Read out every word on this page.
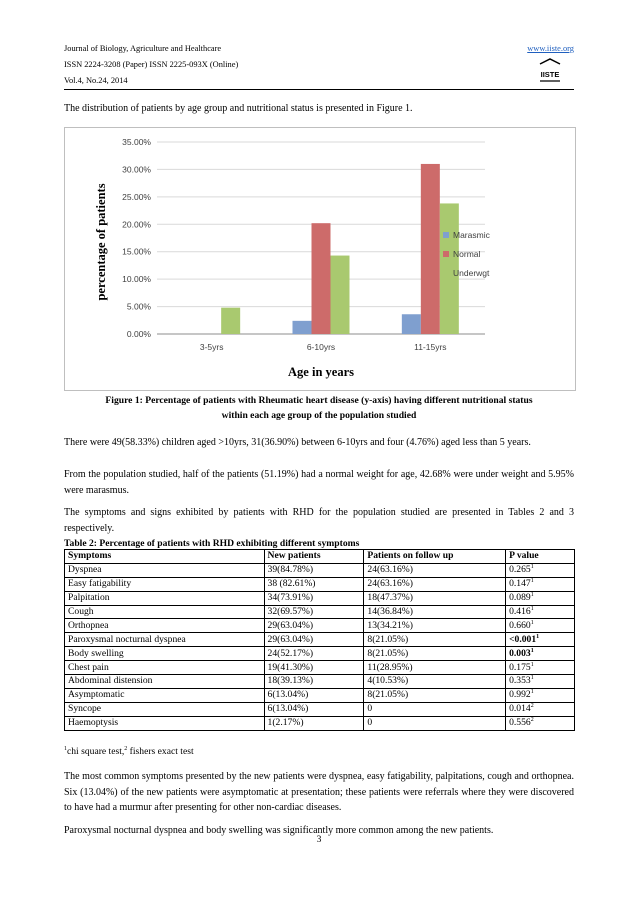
Journal of Biology, Agriculture and Healthcare
ISSN 2224-3208 (Paper) ISSN 2225-093X (Online)
Vol.4, No.24, 2014
www.iiste.org
IISTE

The distribution of patients by age group and nutritional status is presented in Figure 1.

0.00%
5.00%
10.00%
15.00%
20.00%
25.00%
30.00%
35.00%
3-5yrs	6-10yrs	11-15yrs
Age in years
percentage of patients	Marasmic
Normal
Underwgt
Figure 1: Percentage of patients with Rheumatic heart disease (y-axis) having different nutritional status
within each age group of the population studied

There were 49(58.33%) children aged >10yrs, 31(36.90%) between 6-10yrs and four (4.76%) aged less than 5 years.

From the population studied, half of the patients (51.19%) had a normal weight for age, 42.68% were under weight and 5.95% were marasmus.

The symptoms and signs exhibited by patients with RHD for the population studied are presented in Tables 2 and 3 respectively.

Table 2: Percentage of patients with RHD exhibiting different symptoms
Symptoms	New patients	Patients on follow up	P value
Dyspnea	39(84.78%)	24(63.16%)	0.265$^1$
Easy fatigability	38 (82.61%)	24(63.16%)	0.147$^1$
Palpitation	34(73.91%)	18(47.37%)	0.089$^1$
Cough	32(69.57%)	14(36.84%)	0.416$^1$
Orthopnea	29(63.04%)	13(34.21%)	0.660$^1$
Paroxysmal nocturnal dyspnea	29(63.04%)	8(21.05%)	$<0.001^1$
Body swelling	24(52.17%)	8(21.05%)	0.003$^1$
Chest pain	19(41.30%)	11(28.95%)	0.175$^1$
Abdominal distension	18(39.13%)	4(10.53%)	0.353$^1$
Asymptomatic	6(13.04%)	8(21.05%)	0.992$^1$
Syncope	6(13.04%)	0	0.014$^2$
Haemoptysis	1(2.17%)	0	0.556$^2$
$^1$chi square test,$^2$ fishers exact test

The most common symptoms presented by the new patients were dyspnea, easy fatigability, palpitations, cough and orthopnea. Six (13.04%) of the new patients were asymptomatic at presentation; these patients were referrals where they were discovered to have had a murmur after presenting for other non-cardiac diseases.

Paroxysmal nocturnal dyspnea and body swelling was significantly more common among the new patients.

3
